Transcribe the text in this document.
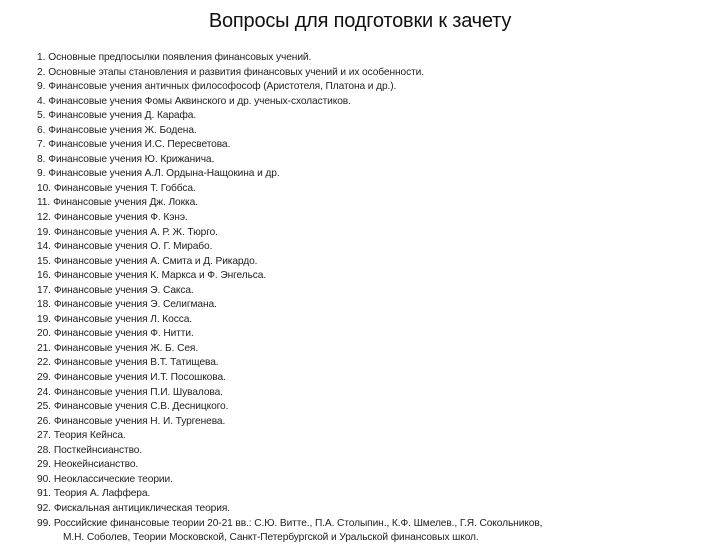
Вопросы для подготовки к зачету
1. Основные предпосылки появления финансовых учений.
2. Основные этапы становления и развития финансовых учений и их особенности.
9. Финансовые учения античных философософ (Аристотеля, Платона и др.).
4. Финансовые учения Фомы Аквинского и др. ученых-схоластиков.
5. Финансовые учения Д. Карафа.
6. Финансовые учения Ж. Бодена.
7. Финансовые учения И.С. Пересветова.
8. Финансовые учения Ю. Крижанича.
9. Финансовые учения А.Л. Ордына-Нащокина и др.
10. Финансовые учения Т. Гоббса.
11. Финансовые учения Дж. Локка.
12. Финансовые учения Ф. Кэнэ.
19. Финансовые учения А. Р. Ж. Тюрго.
14. Финансовые учения О. Г. Мирабо.
15. Финансовые учения А. Смита и Д. Рикардо.
16. Финансовые учения К. Маркса и Ф. Энгельса.
17. Финансовые учения Э. Сакса.
18. Финансовые учения Э. Селигмана.
19. Финансовые учения Л. Косса.
20. Финансовые учения Ф. Нитти.
21. Финансовые учения Ж. Б. Сея.
22. Финансовые учения В.Т. Татищева.
29. Финансовые учения И.Т. Посошкова.
24. Финансовые учения П.И. Шувалова.
25. Финансовые учения С.В. Десницкого.
26. Финансовые учения Н. И. Тургенева.
27. Теория Кейнса.
28. Посткейнсианство.
29. Неокейнсианство.
90. Неоклассические теории.
91. Теория А. Лаффера.
92. Фискальная антициклическая теория.
99. Российские финансовые теории 20-21 вв.: С.Ю. Витте., П.А. Столыпин., К.Ф. Шмелев., Г.Я. Сокольников,
М.Н. Соболев, Теории Московской, Санкт-Петербургской и Уральской финансовых школ.
